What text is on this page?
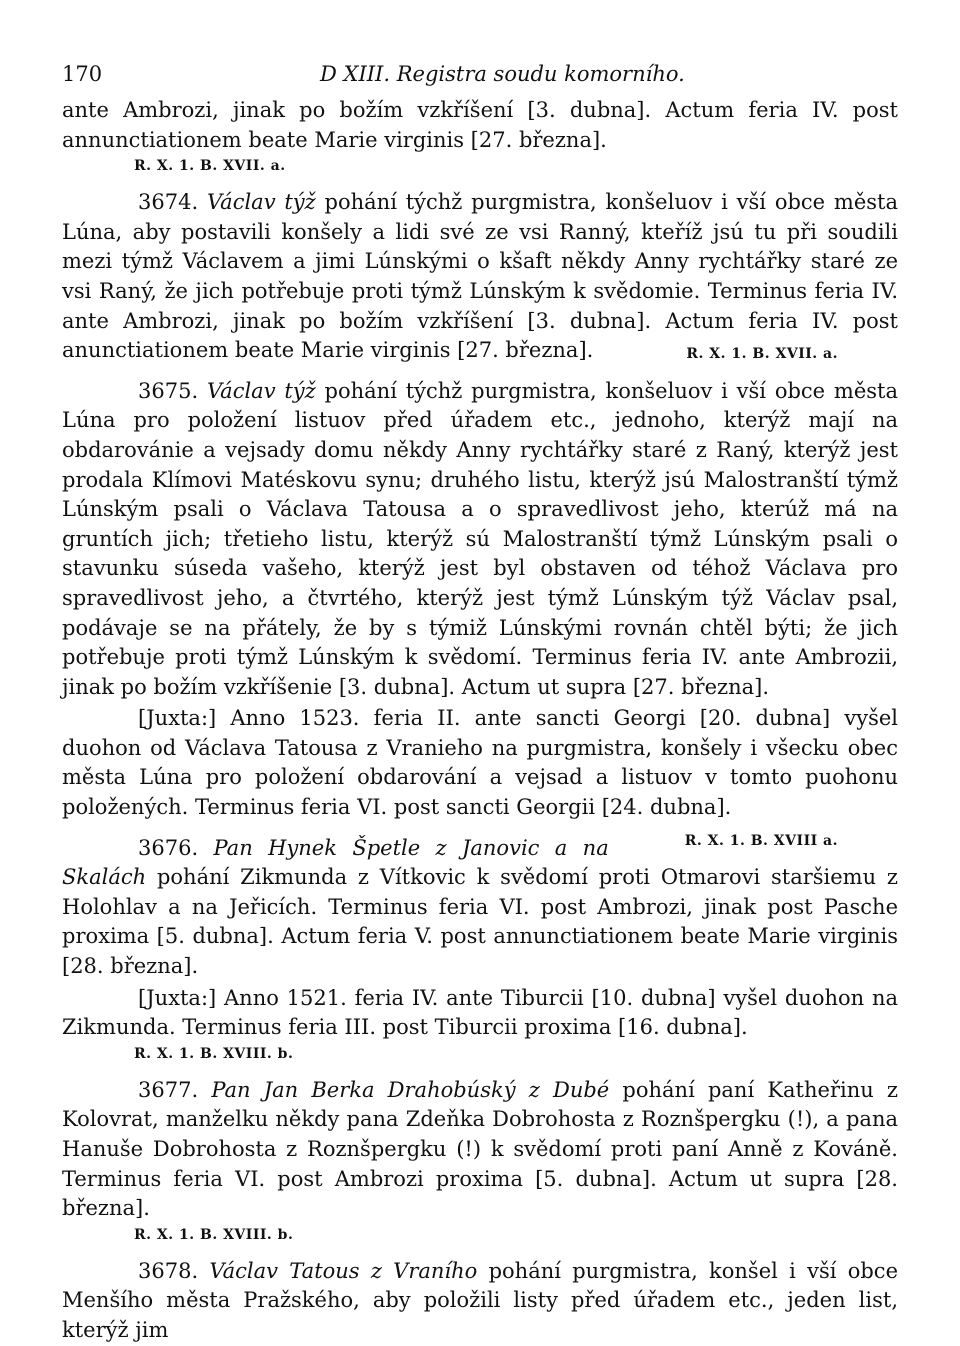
170	D XIII. Registra soudu komorního.

ante Ambrozi, jinak po božím vzkříšení [3. dubna]. Actum feria IV. post annunctiationem beate Marie virginis [27. března].

R. X. 1. B. XVII. a.

3674. Václav týž pohání týchž purgmistra, konšeluov i vší obce města Lúna, aby postavili konšely a lidi své ze vsi Ranný, kteříž jsú tu při soudili mezi týmž Václavem a jimi Lúnskými o kšaft někdy Anny rychtářky staré ze vsi Raný, že jich potřebuje proti týmž Lúnským k svědomie. Terminus feria IV. ante Ambrozi, jinak po božím vzkříšení [3. dubna]. Actum feria IV. post anunctiationem beate Marie virginis [27. března].	R. X. 1. B. XVII. a.

3675. Václav týž pohání týchž purgmistra, konšeluov i vší obce města Lúna pro položení listuov před úřadem etc., jednoho, kterýž mají na obdarovánie a vejsady domu někdy Anny rychtářky staré z Raný, kterýž jest prodala Klímovi Matéskovu synu; druhého listu, kterýž jsú Malostranští týmž Lúnským psali o Václava Tatousa a o spravedlivost jeho, kterúž má na gruntích jich; třetieho listu, kterýž sú Malostranští týmž Lúnským psali o stavunku súseda vašeho, kterýž jest byl obstaven od téhož Václava pro spravedlivost jeho, a čtvrtého, kterýž jest týmž Lúnským týž Václav psal, podávaje se na přátely, že by s týmiž Lúnskými rovnán chtěl býti; že jich potřebuje proti týmž Lúnským k svědomí. Terminus feria IV. ante Ambrozii, jinak po božím vzkříšenie [3. dubna]. Actum ut supra [27. března].

[Juxta:] Anno 1523. feria II. ante sancti Georgi [20. dubna] vyšel duohon od Václava Tatousa z Vranieho na purgmistra, konšely i všecku obec města Lúna pro položení obdarování a vejsad a listuov v tomto puohonu položených. Terminus feria VI. post sancti Georgii [24. dubna].
R. X. 1. B. XVIII a.

3676. Pan Hynek Špetle z Janovic a na Skalách pohání Zikmunda z Vítkovic k svědomí proti Otmarovi staršiemu z Holohlav a na Jeřicích. Terminus feria VI. post Ambrozi, jinak post Pasche proxima [5. dubna]. Actum feria V. post annunctiationem beate Marie virginis [28. března].

[Juxta:] Anno 1521. feria IV. ante Tiburcii [10. dubna] vyšel duohon na Zikmunda. Terminus feria III. post Tiburcii proxima [16. dubna].

R. X. 1. B. XVIII. b.

3677. Pan Jan Berka Drahobúský z Dubé pohání paní Katheřinu z Kolovrat, manželku někdy pana Zdeňka Dobrohosta z Roznšpergku (!), a pana Hanuše Dobrohosta z Roznšpergku (!) k svědomí proti paní Anně z Kováně. Terminus feria VI. post Ambrozi proxima [5. dubna]. Actum ut supra [28. března].

R. X. 1. B. XVIII. b.

3678. Václav Tatous z Vraního pohání purgmistra, konšel i vší obce Menšího města Pražského, aby položili listy před úřadem etc., jeden list, kterýž jim
